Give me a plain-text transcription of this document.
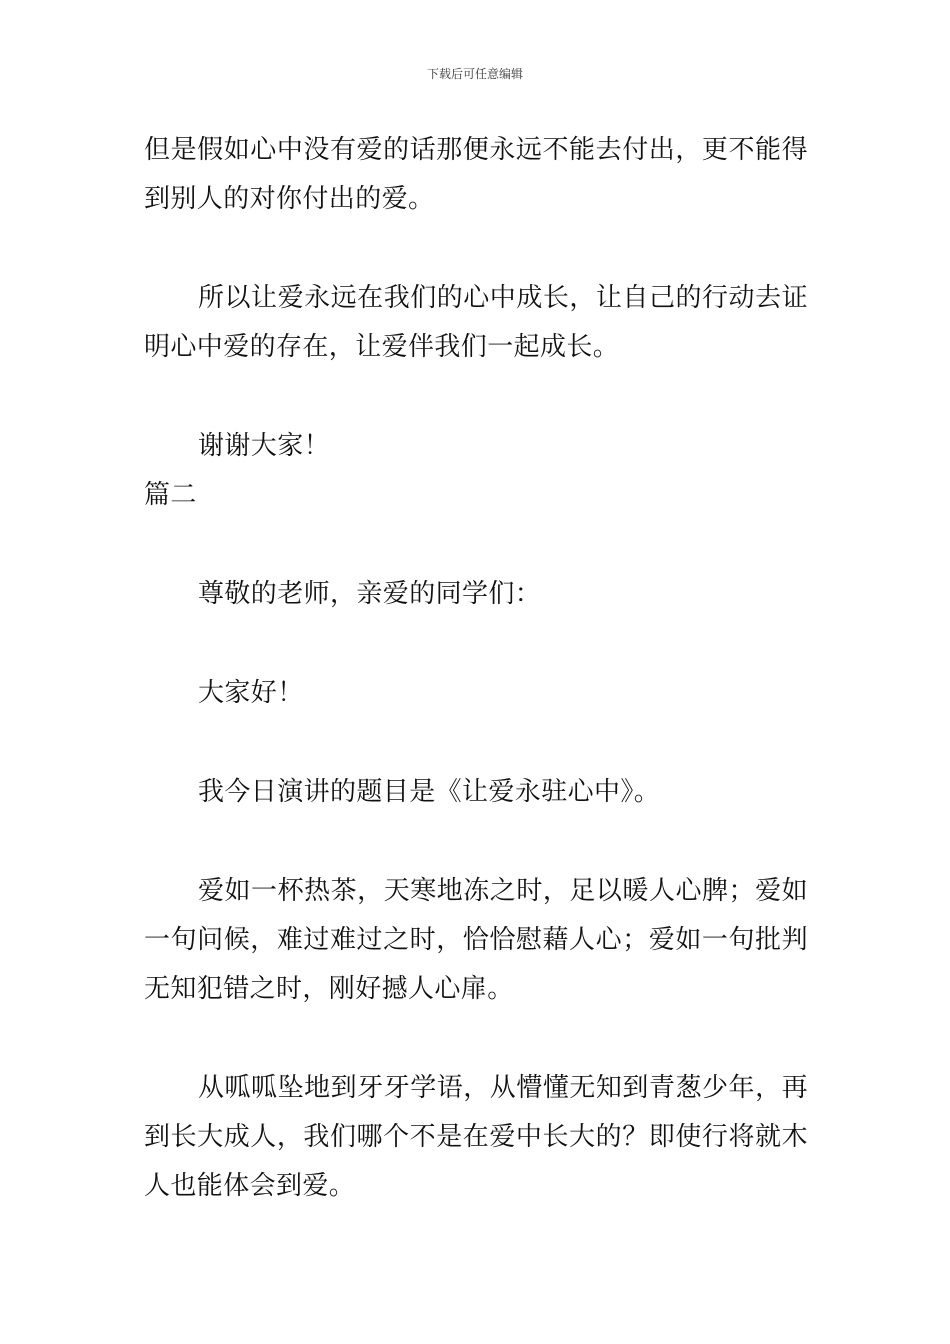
下载后可任意编辑

但是假如心中没有爱的话那便永远不能去付出，更不能得到别人的对你付出的爱。

所以让爱永远在我们的心中成长，让自己的行动去证明心中爱的存在，让爱伴我们一起成长。

谢谢大家！

篇二

尊敬的老师，亲爱的同学们：

大家好！

我今日演讲的题目是《让爱永驻心中》。

爱如一杯热茶，天寒地冻之时，足以暖人心脾；爱如一句问候，难过难过之时，恰恰慰藉人心；爱如一句批判无知犯错之时，刚好撼人心扉。

从呱呱坠地到牙牙学语，从懵懂无知到青葱少年，再到长大成人，我们哪个不是在爱中长大的？即使行将就木人也能体会到爱。
